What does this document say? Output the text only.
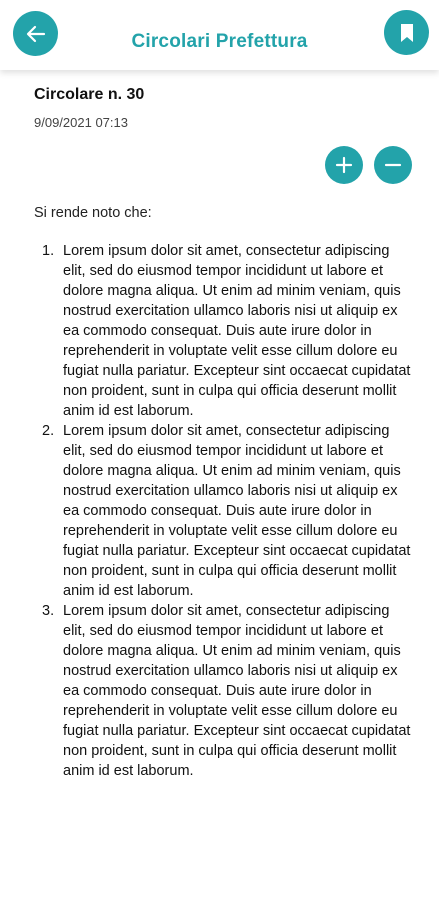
Circolari Prefettura
Circolare n. 30
9/09/2021 07:13
Si rende noto che:
1. Lorem ipsum dolor sit amet, consectetur adipiscing elit, sed do eiusmod tempor incididunt ut labore et dolore magna aliqua. Ut enim ad minim veniam, quis nostrud exercitation ullamco laboris nisi ut aliquip ex ea commodo consequat. Duis aute irure dolor in reprehenderit in voluptate velit esse cillum dolore eu fugiat nulla pariatur. Excepteur sint occaecat cupidatat non proident, sunt in culpa qui officia deserunt mollit anim id est laborum.
2. Lorem ipsum dolor sit amet, consectetur adipiscing elit, sed do eiusmod tempor incididunt ut labore et dolore magna aliqua. Ut enim ad minim veniam, quis nostrud exercitation ullamco laboris nisi ut aliquip ex ea commodo consequat. Duis aute irure dolor in reprehenderit in voluptate velit esse cillum dolore eu fugiat nulla pariatur. Excepteur sint occaecat cupidatat non proident, sunt in culpa qui officia deserunt mollit anim id est laborum.
3. Lorem ipsum dolor sit amet, consectetur adipiscing elit, sed do eiusmod tempor incididunt ut labore et dolore magna aliqua. Ut enim ad minim veniam, quis nostrud exercitation ullamco laboris nisi ut aliquip ex ea commodo consequat. Duis aute irure dolor in reprehenderit in voluptate velit esse cillum dolore eu fugiat nulla pariatur. Excepteur sint occaecat cupidatat non proident, sunt in culpa qui officia deserunt mollit anim id est laborum.
